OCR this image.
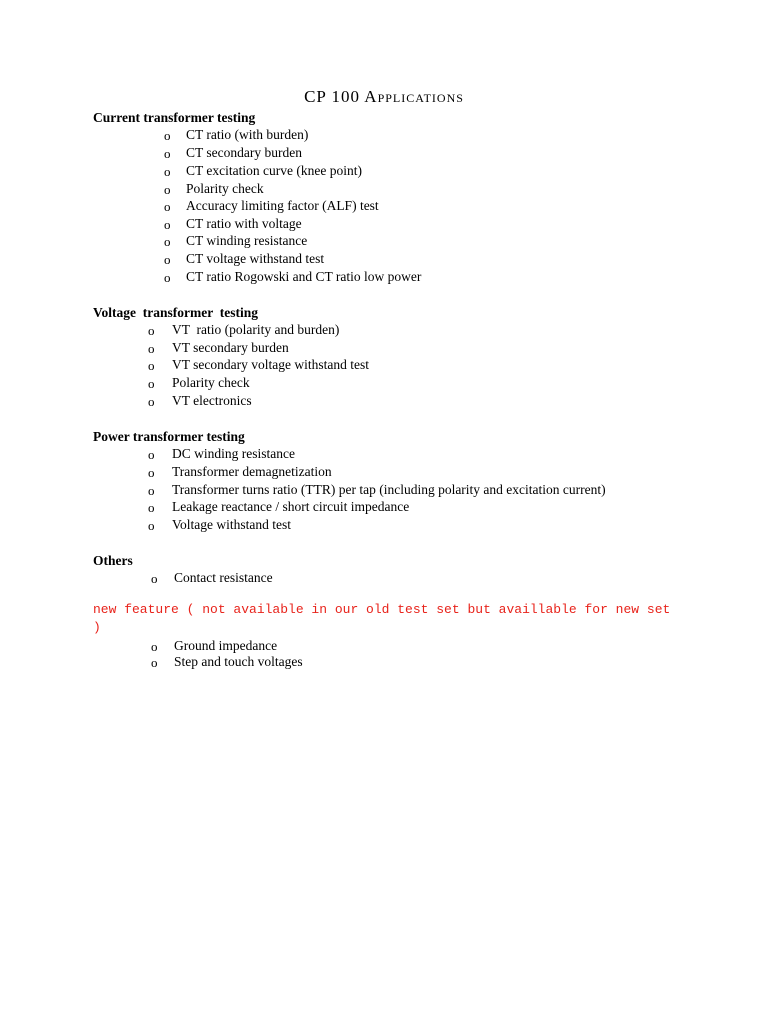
CP 100 Applications
Current transformer testing
o CT ratio (with burden)
o CT secondary burden
o CT excitation curve (knee point)
o Polarity check
o Accuracy limiting factor (ALF) test
o CT ratio with voltage
o CT winding resistance
o CT voltage withstand test
o CT ratio Rogowski and CT ratio low power
Voltage  transformer  testing
o VT  ratio (polarity and burden)
o VT secondary burden
o VT secondary voltage withstand test
o Polarity check
o VT electronics
Power transformer testing
o DC winding resistance
o Transformer demagnetization
o Transformer turns ratio (TTR) per tap (including polarity and excitation current)
o Leakage reactance / short circuit impedance
o Voltage withstand test
Others
o Contact resistance
new feature ( not available in our old test set but availlable for new set )
o Ground impedance
o Step and touch voltages
